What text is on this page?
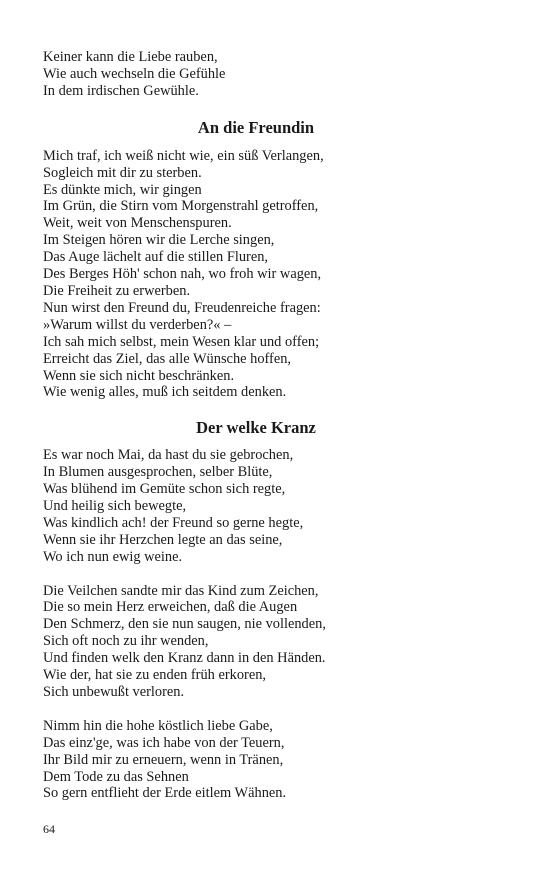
Keiner kann die Liebe rauben,
Wie auch wechseln die Gefühle
In dem irdischen Gewühle.
An die Freundin
Mich traf, ich weiß nicht wie, ein süß Verlangen,
Sogleich mit dir zu sterben.
Es dünkte mich, wir gingen
Im Grün, die Stirn vom Morgenstrahl getroffen,
Weit, weit von Menschenspuren.
Im Steigen hören wir die Lerche singen,
Das Auge lächelt auf die stillen Fluren,
Des Berges Höh' schon nah, wo froh wir wagen,
Die Freiheit zu erwerben.
Nun wirst den Freund du, Freudenreiche fragen:
»Warum willst du verderben?« –
Ich sah mich selbst, mein Wesen klar und offen;
Erreicht das Ziel, das alle Wünsche hoffen,
Wenn sie sich nicht beschränken.
Wie wenig alles, muß ich seitdem denken.
Der welke Kranz
Es war noch Mai, da hast du sie gebrochen,
In Blumen ausgesprochen, selber Blüte,
Was blühend im Gemüte schon sich regte,
Und heilig sich bewegte,
Was kindlich ach! der Freund so gerne hegte,
Wenn sie ihr Herzchen legte an das seine,
Wo ich nun ewig weine.
Die Veilchen sandte mir das Kind zum Zeichen,
Die so mein Herz erweichen, daß die Augen
Den Schmerz, den sie nun saugen, nie vollenden,
Sich oft noch zu ihr wenden,
Und finden welk den Kranz dann in den Händen.
Wie der, hat sie zu enden früh erkoren,
Sich unbewußt verloren.
Nimm hin die hohe köstlich liebe Gabe,
Das einz'ge, was ich habe von der Teuern,
Ihr Bild mir zu erneuern, wenn in Tränen,
Dem Tode zu das Sehnen
So gern entflieht der Erde eitlem Wähnen.
64
